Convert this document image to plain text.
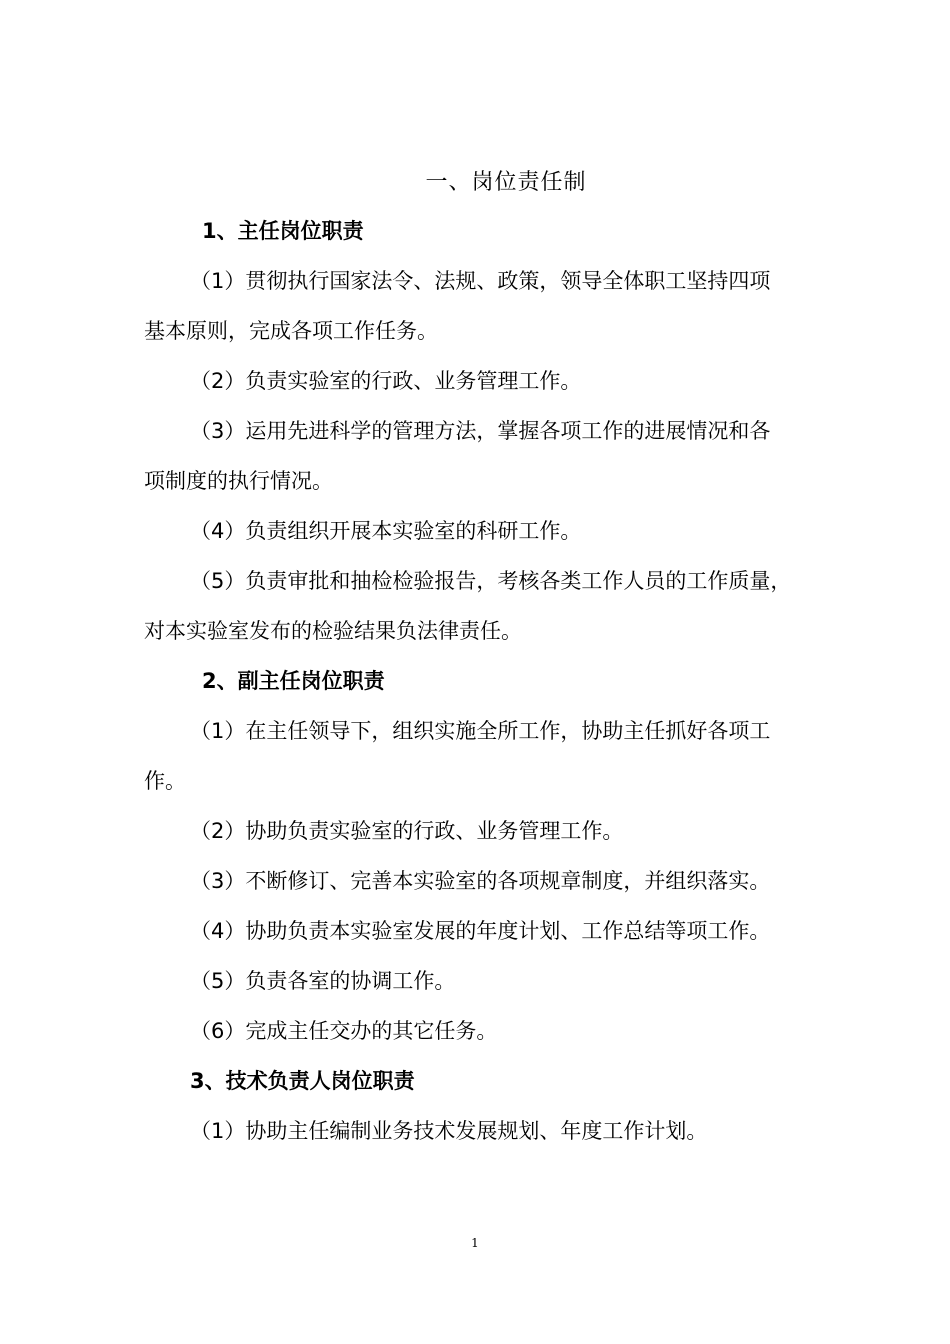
一、岗位责任制
1、主任岗位职责
（1）贯彻执行国家法令、法规、政策，领导全体职工坚持四项
基本原则，完成各项工作任务。
（2）负责实验室的行政、业务管理工作。
（3）运用先进科学的管理方法，掌握各项工作的进展情况和各
项制度的执行情况。
（4）负责组织开展本实验室的科研工作。
（5）负责审批和抽检检验报告，考核各类工作人员的工作质量，
对本实验室发布的检验结果负法律责任。
2、副主任岗位职责
（1）在主任领导下，组织实施全所工作，协助主任抓好各项工
作。
（2）协助负责实验室的行政、业务管理工作。
（3）不断修订、完善本实验室的各项规章制度，并组织落实。
（4）协助负责本实验室发展的年度计划、工作总结等项工作。
（5）负责各室的协调工作。
（6）完成主任交办的其它任务。
3、技术负责人岗位职责
（1）协助主任编制业务技术发展规划、年度工作计划。
1
